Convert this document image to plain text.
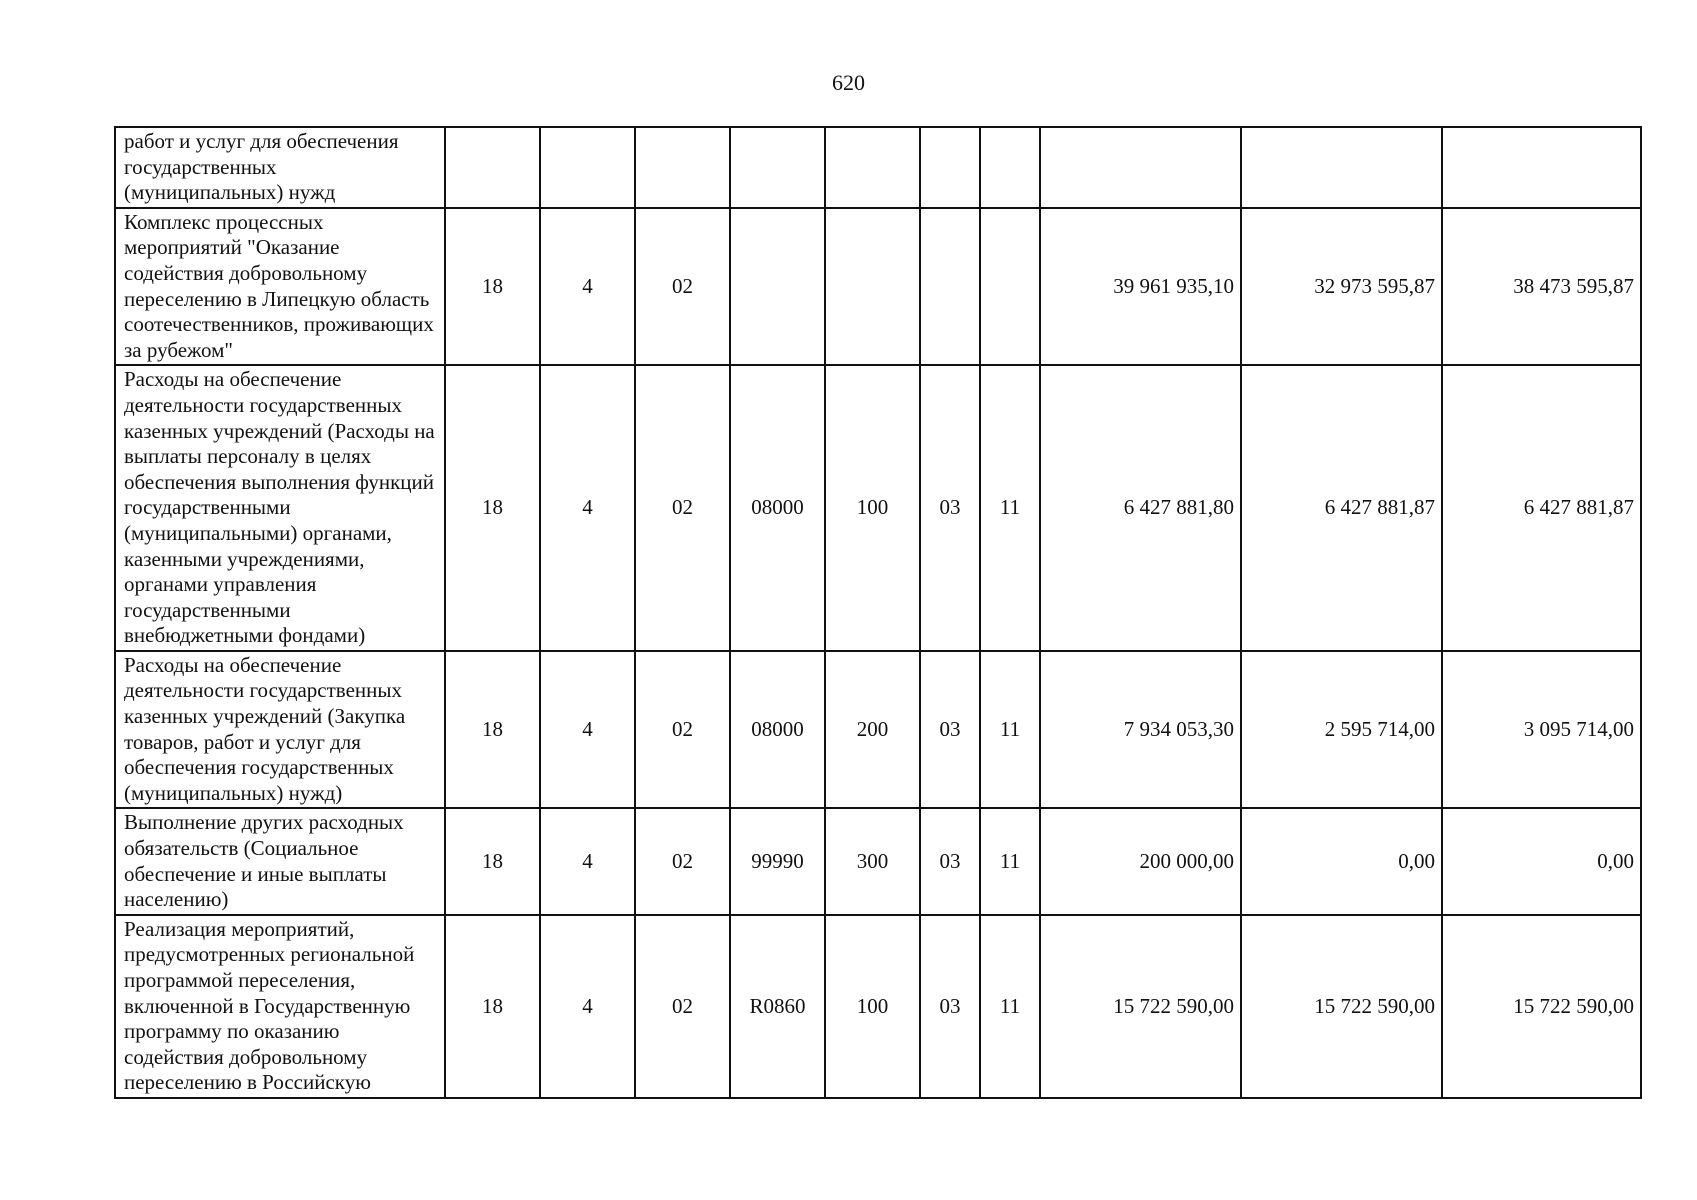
620
работ и услуг для обеспечения государственных (муниципальных) нужд										
Комплекс процессных мероприятий "Оказание содействия добровольному переселению в Липецкую область соотечественников, проживающих за рубежом"	18	4	02					39 961 935,10	32 973 595,87	38 473 595,87
Расходы на обеспечение деятельности государственных казенных учреждений (Расходы на выплаты персоналу в целях обеспечения выполнения функций государственными (муниципальными) органами, казенными учреждениями, органами управления государственными внебюджетными фондами)	18	4	02	08000	100	03	11	6 427 881,80	6 427 881,87	6 427 881,87
Расходы на обеспечение деятельности государственных казенных учреждений (Закупка товаров, работ и услуг для обеспечения государственных (муниципальных) нужд)	18	4	02	08000	200	03	11	7 934 053,30	2 595 714,00	3 095 714,00
Выполнение других расходных обязательств (Социальное обеспечение и иные выплаты населению)	18	4	02	99990	300	03	11	200 000,00	0,00	0,00
Реализация мероприятий, предусмотренных региональной программой переселения, включенной в Государственную программу по оказанию содействия добровольному переселению в Российскую	18	4	02	R0860	100	03	11	15 722 590,00	15 722 590,00	15 722 590,00
